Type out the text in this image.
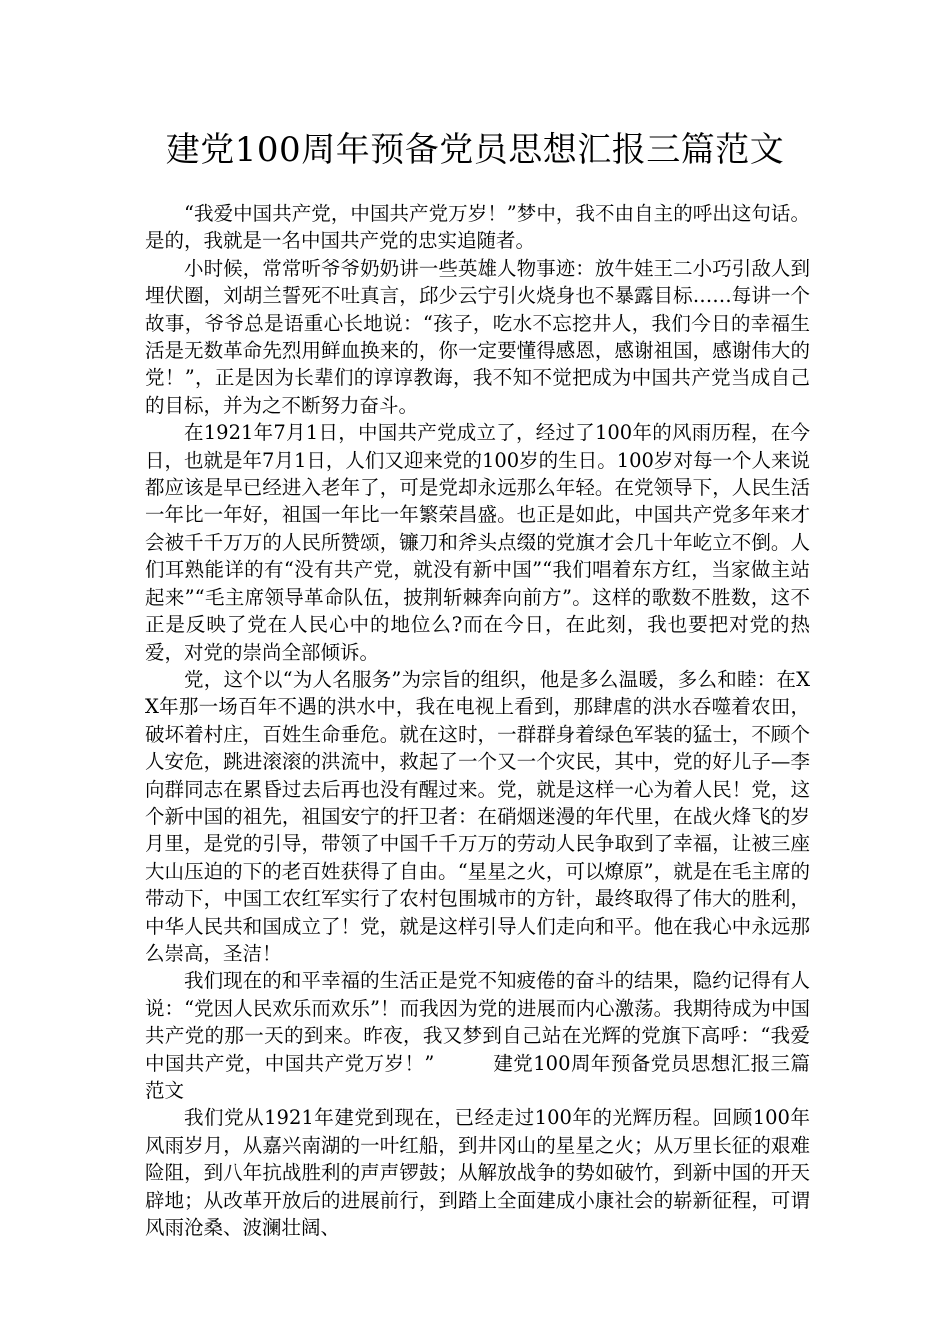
建党100周年预备党员思想汇报三篇范文

“我爱中国共产党，中国共产党万岁！”梦中，我不由自主的呼出这句话。是的，我就是一名中国共产党的忠实追随者。

小时候，常常听爷爷奶奶讲一些英雄人物事迹：放牛娃王二小巧引敌人到埋伏圈，刘胡兰誓死不吐真言，邱少云宁引火烧身也不暴露目标……每讲一个故事，爷爷总是语重心长地说：“孩子，吃水不忘挖井人，我们今日的幸福生活是无数革命先烈用鲜血换来的，你一定要懂得感恩，感谢祖国，感谢伟大的党！”，正是因为长辈们的谆谆教诲，我不知不觉把成为中国共产党当成自己的目标，并为之不断努力奋斗。

在1921年7月1日，中国共产党成立了，经过了100年的风雨历程，在今日，也就是年7月1日，人们又迎来党的100岁的生日。100岁对每一个人来说都应该是早已经进入老年了，可是党却永远那么年轻。在党领导下，人民生活一年比一年好，祖国一年比一年繁荣昌盛。也正是如此，中国共产党多年来才会被千千万万的人民所赞颂，镰刀和斧头点缀的党旗才会几十年屹立不倒。人们耳熟能详的有“没有共产党，就没有新中国”“我们唱着东方红，当家做主站起来”“毛主席领导革命队伍，披荆斩棘奔向前方”。这样的歌数不胜数，这不正是反映了党在人民心中的地位么?而在今日，在此刻，我也要把对党的热爱，对党的崇尚全部倾诉。

党，这个以“为人名服务”为宗旨的组织，他是多么温暖，多么和睦：在XX年那一场百年不遇的洪水中，我在电视上看到，那肆虐的洪水吞噬着农田，破坏着村庄，百姓生命垂危。就在这时，一群群身着绿色军装的猛士，不顾个人安危，跳进滚滚的洪流中，救起了一个又一个灾民，其中，党的好儿子—李向群同志在累昏过去后再也没有醒过来。党，就是这样一心为着人民！党，这个新中国的祖先，祖国安宁的扞卫者：在硝烟迷漫的年代里，在战火烽飞的岁月里，是党的引导，带领了中国千千万万的劳动人民争取到了幸福，让被三座大山压迫的下的老百姓获得了自由。“星星之火，可以燎原”，就是在毛主席的带动下，中国工农红军实行了农村包围城市的方针，最终取得了伟大的胜利，中华人民共和国成立了！党，就是这样引导人们走向和平。他在我心中永远那么崇高，圣洁！

我们现在的和平幸福的生活正是党不知疲倦的奋斗的结果，隐约记得有人说：“党因人民欢乐而欢乐”！而我因为党的进展而内心激荡。我期待成为中国共产党的那一天的到来。昨夜，我又梦到自己站在光辉的党旗下高呼：“我爱中国共产党，中国共产党万岁！”	建党100周年预备党员思想汇报三篇范文

我们党从1921年建党到现在，已经走过100年的光辉历程。回顾100年风雨岁月，从嘉兴南湖的一叶红船，到井冈山的星星之火；从万里长征的艰难险阻，到八年抗战胜利的声声锣鼓；从解放战争的势如破竹，到新中国的开天辟地；从改革开放后的进展前行，到踏上全面建成小康社会的崭新征程，可谓风雨沧桑、波澜壮阔、
